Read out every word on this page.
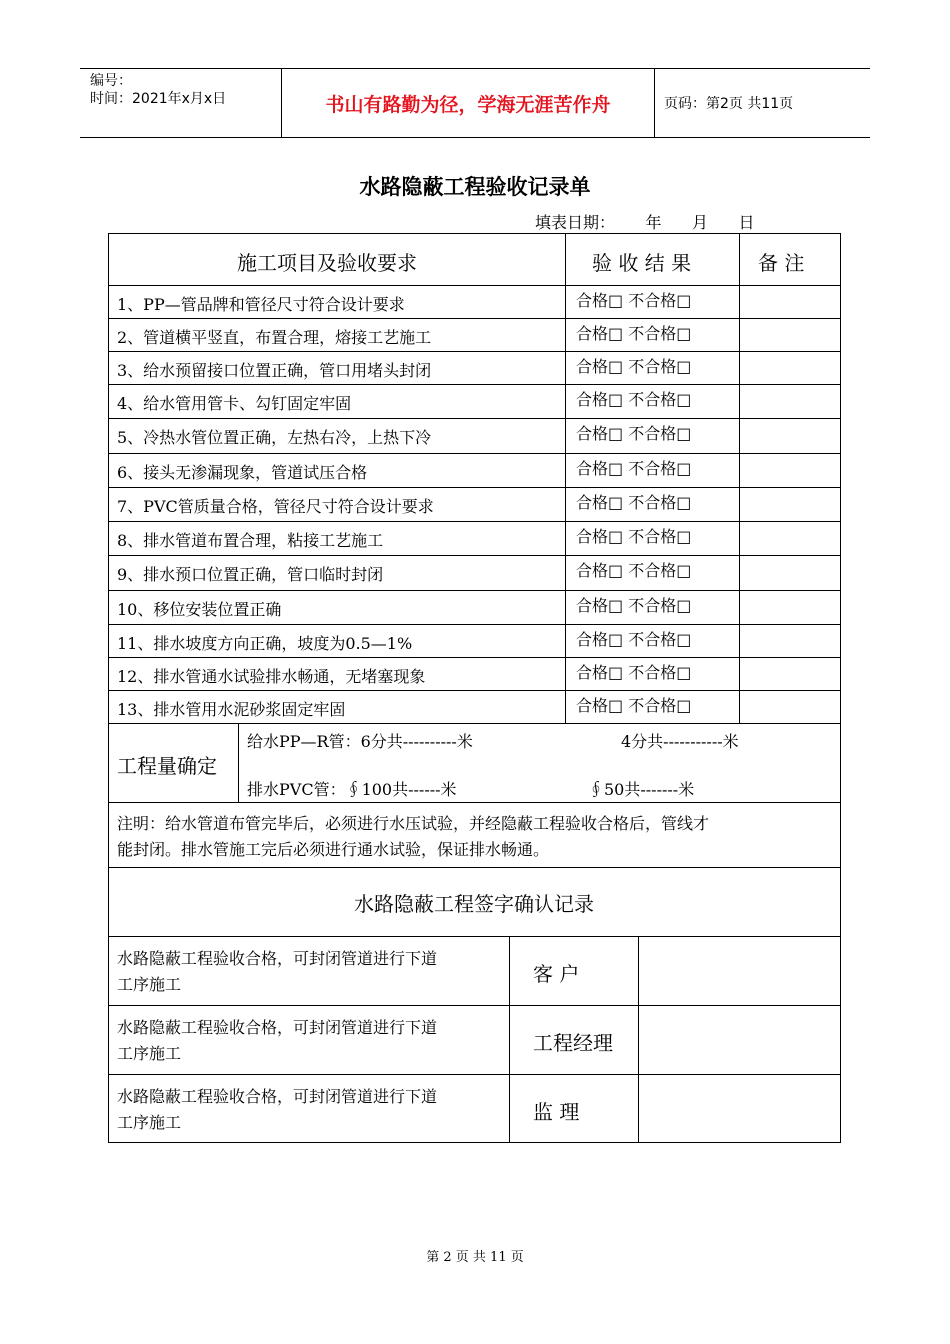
编号：
时间：2021年x月x日	书山有路勤为径，学海无涯苦作舟	页码：第2页 共11页
水路隐蔽工程验收记录单
填表日期：      年      月      日
施工项目及验收要求	验 收 结 果	备 注
1、PP—管品牌和管径尺寸符合设计要求	合格□ 不合格□
2、管道横平竖直，布置合理，熔接工艺施工	合格□ 不合格□
3、给水预留接口位置正确，管口用堵头封闭	合格□ 不合格□
4、给水管用管卡、勾钉固定牢固	合格□ 不合格□
5、冷热水管位置正确，左热右冷，上热下冷	合格□ 不合格□
6、接头无渗漏现象，管道试压合格	合格□ 不合格□
7、PVC管质量合格，管径尺寸符合设计要求	合格□ 不合格□
8、排水管道布置合理，粘接工艺施工	合格□ 不合格□
9、排水预口位置正确，管口临时封闭	合格□ 不合格□
10、移位安装位置正确	合格□ 不合格□
11、排水坡度方向正确，坡度为0.5—1%	合格□ 不合格□
12、排水管通水试验排水畅通，无堵塞现象	合格□ 不合格□
13、排水管用水泥砂浆固定牢固	合格□ 不合格□
工程量确定
给水PP—R管：6分共----------米	4分共-----------米
排水PVC管：∮100共------米	∮50共-------米
注明：给水管道布管完毕后，必须进行水压试验，并经隐蔽工程验收合格后，管线才
能封闭。排水管施工完后必须进行通水试验，保证排水畅通。
水路隐蔽工程签字确认记录
水路隐蔽工程验收合格，可封闭管道进行下道
工序施工	客 户
水路隐蔽工程验收合格，可封闭管道进行下道
工序施工	工程经理
水路隐蔽工程验收合格，可封闭管道进行下道
工序施工	监 理
第 2 页 共 11 页
